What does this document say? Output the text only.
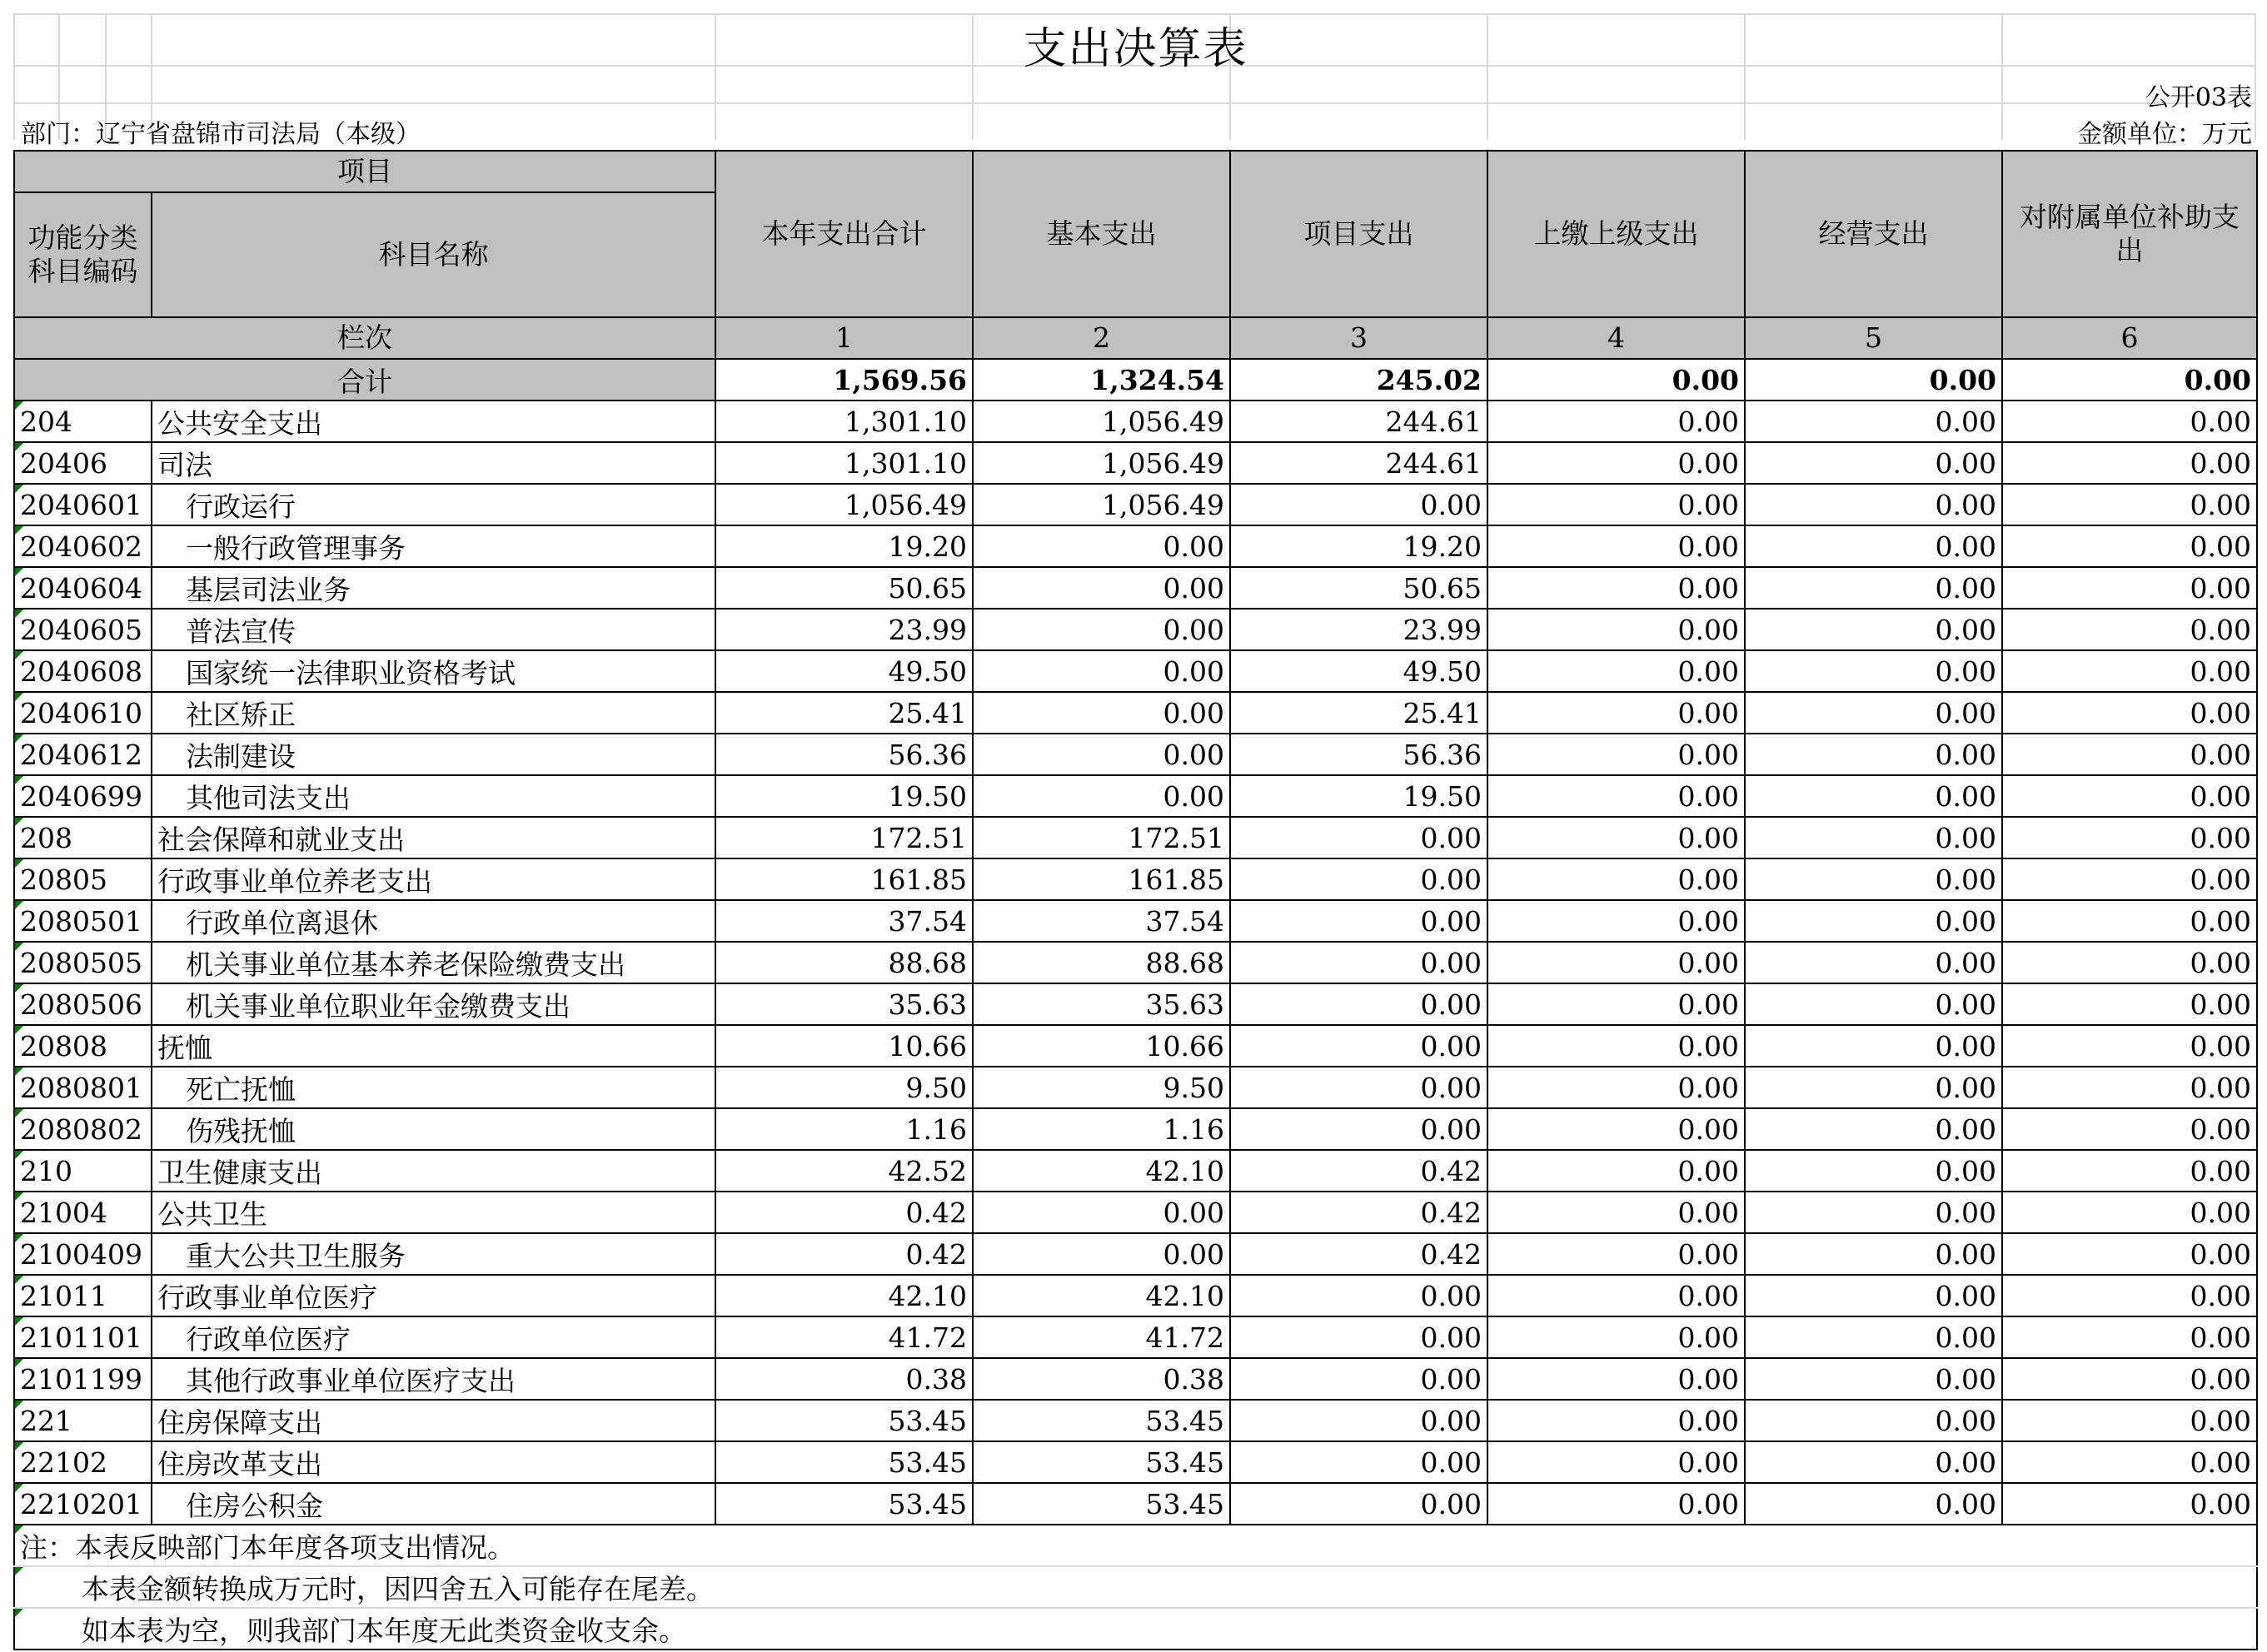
支出决算表							
公开03表							
部门：辽宁省盘锦市司法局（本级）			金额单位：万元				
项目		本年支出合计	基本支出	项目支出	上缴上级支出	经营支出	对附属单位补助支出
功能分类科目编码	科目名称						
栏次		1	2	3	4	5	6
合计		1,569.56	1,324.54	245.02	0.00	0.00	0.00
204	公共安全支出	1,301.10	1,056.49	244.61	0.00	0.00	0.00
20406	司法	1,301.10	1,056.49	244.61	0.00	0.00	0.00
2040601	行政运行	1,056.49	1,056.49	0.00	0.00	0.00	0.00
2040602	一般行政管理事务	19.20	0.00	19.20	0.00	0.00	0.00
2040604	基层司法业务	50.65	0.00	50.65	0.00	0.00	0.00
2040605	普法宣传	23.99	0.00	23.99	0.00	0.00	0.00
2040608	国家统一法律职业资格考试	49.50	0.00	49.50	0.00	0.00	0.00
2040610	社区矫正	25.41	0.00	25.41	0.00	0.00	0.00
2040612	法制建设	56.36	0.00	56.36	0.00	0.00	0.00
2040699	其他司法支出	19.50	0.00	19.50	0.00	0.00	0.00
208	社会保障和就业支出	172.51	172.51	0.00	0.00	0.00	0.00
20805	行政事业单位养老支出	161.85	161.85	0.00	0.00	0.00	0.00
2080501	行政单位离退休	37.54	37.54	0.00	0.00	0.00	0.00
2080505	机关事业单位基本养老保险缴费支出	88.68	88.68	0.00	0.00	0.00	0.00
2080506	机关事业单位职业年金缴费支出	35.63	35.63	0.00	0.00	0.00	0.00
20808	抚恤	10.66	10.66	0.00	0.00	0.00	0.00
2080801	死亡抚恤	9.50	9.50	0.00	0.00	0.00	0.00
2080802	伤残抚恤	1.16	1.16	0.00	0.00	0.00	0.00
210	卫生健康支出	42.52	42.10	0.42	0.00	0.00	0.00
21004	公共卫生	0.42	0.00	0.42	0.00	0.00	0.00
2100409	重大公共卫生服务	0.42	0.00	0.42	0.00	0.00	0.00
21011	行政事业单位医疗	42.10	42.10	0.00	0.00	0.00	0.00
2101101	行政单位医疗	41.72	41.72	0.00	0.00	0.00	0.00
2101199	其他行政事业单位医疗支出	0.38	0.38	0.00	0.00	0.00	0.00
221	住房保障支出	53.45	53.45	0.00	0.00	0.00	0.00
22102	住房改革支出	53.45	53.45	0.00	0.00	0.00	0.00
2210201	住房公积金	53.45	53.45	0.00	0.00	0.00	0.00
注：本表反映部门本年度各项支出情况。							
本表金额转换成万元时，因四舍五入可能存在尾差。							
如本表为空，则我部门本年度无此类资金收支余。							
